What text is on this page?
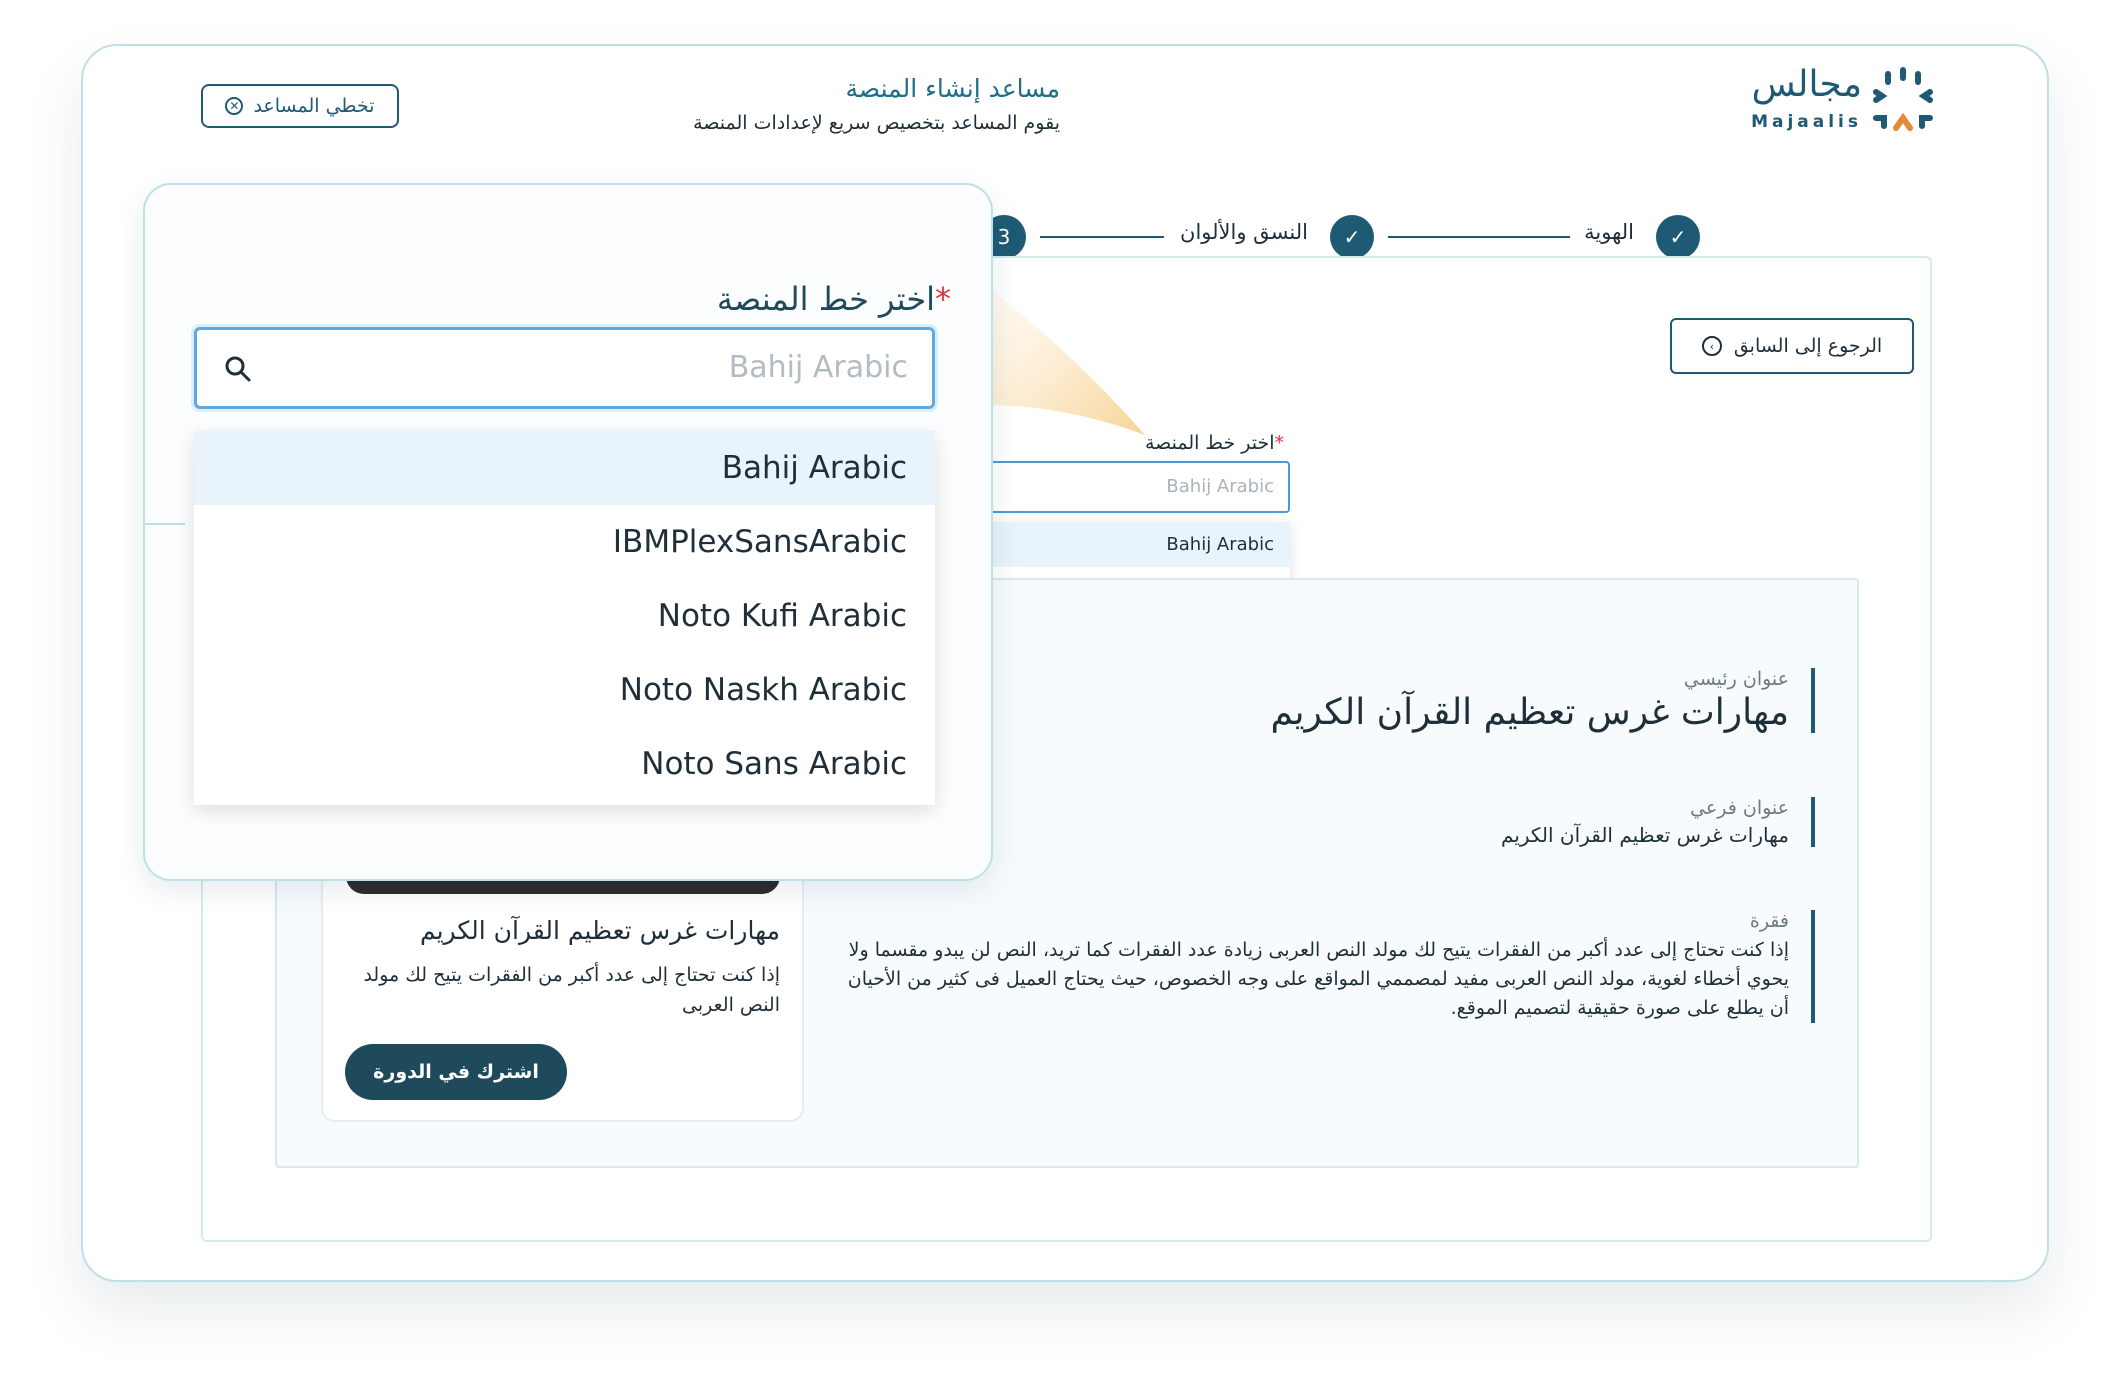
تخطي المساعد
✕
مساعد إنشاء المنصة
يقوم المساعد بتخصيص سريع لإعدادات المنصة
مجالس
Majaalis
✓
الهوية
✓
النسق والألوان
3
الرجوع إلى السابق
›
*اختر خط المنصة
Bahij Arabic
Bahij Arabic
مهارات غرس تعظيم القرآن الكريم
إذا كنت تحتاج إلى عدد أكبر من الفقرات يتيح لك مولد النص العربى
اشترك في الدورة
عنوان رئيسي
مهارات غرس تعظيم القرآن الكريم
عنوان فرعي
مهارات غرس تعظيم القرآن الكريم
فقرة
إذا كنت تحتاج إلى عدد أكبر من الفقرات يتيح لك مولد النص العربى زيادة عدد الفقرات كما تريد، النص لن يبدو مقسما ولا يحوي أخطاء لغوية، مولد النص العربى مفيد لمصممي المواقع على وجه الخصوص، حيث يحتاج العميل فى كثير من الأحيان أن يطلع على صورة حقيقية لتصميم الموقع.
*اختر خط المنصة
Bahij Arabic
Bahij Arabic
IBMPlexSansArabic
Noto Kufi Arabic
Noto Naskh Arabic
Noto Sans Arabic
